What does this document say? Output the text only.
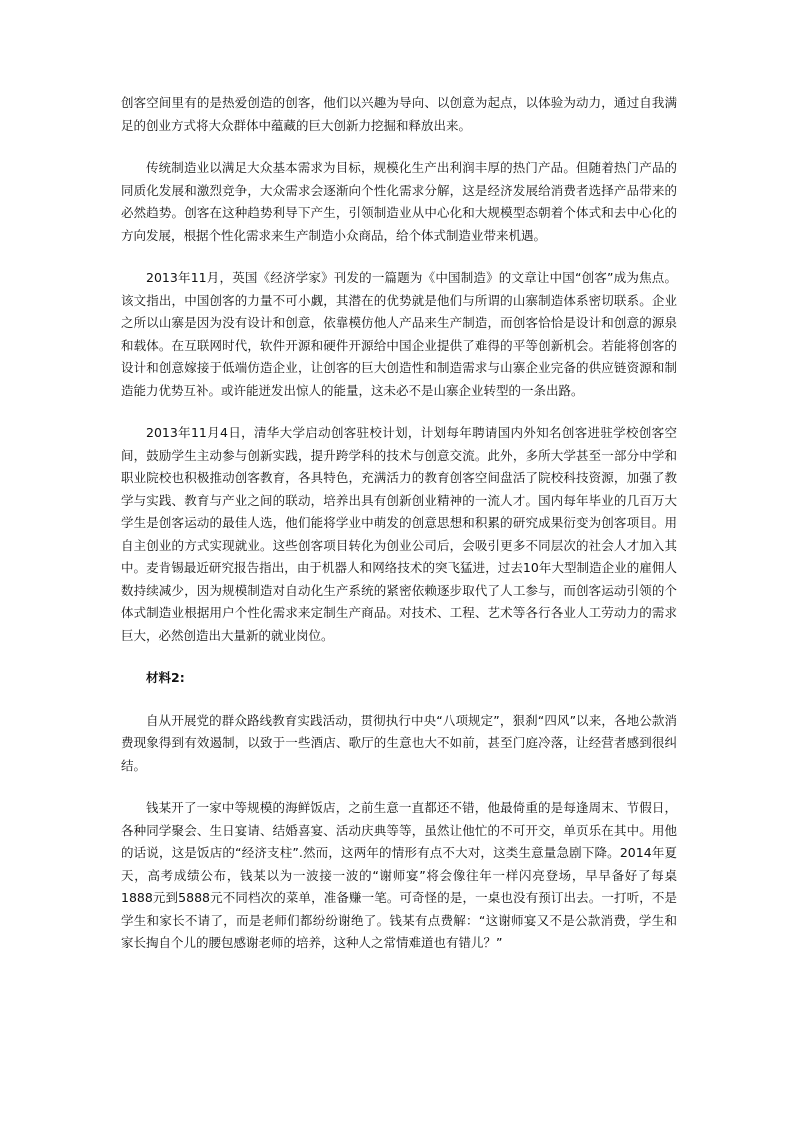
创客空间里有的是热爱创造的创客，他们以兴趣为导向、以创意为起点，以体验为动力，通过自我满足的创业方式将大众群体中蕴藏的巨大创新力挖掘和释放出来。

传统制造业以满足大众基本需求为目标，规模化生产出利润丰厚的热门产品。但随着热门产品的同质化发展和激烈竞争，大众需求会逐渐向个性化需求分解，这是经济发展给消费者选择产品带来的必然趋势。创客在这种趋势利导下产生，引领制造业从中心化和大规模型态朝着个体式和去中心化的方向发展，根据个性化需求来生产制造小众商品，给个体式制造业带来机遇。

2013年11月，英国《经济学家》刊发的一篇题为《中国制造》的文章让中国“创客”成为焦点。该文指出，中国创客的力量不可小觑，其潜在的优势就是他们与所谓的山寨制造体系密切联系。企业之所以山寨是因为没有设计和创意，依靠模仿他人产品来生产制造，而创客恰恰是设计和创意的源泉和载体。在互联网时代，软件开源和硬件开源给中国企业提供了难得的平等创新机会。若能将创客的设计和创意嫁接于低端仿造企业，让创客的巨大创造性和制造需求与山寨企业完备的供应链资源和制造能力优势互补。或许能迸发出惊人的能量，这未必不是山寨企业转型的一条出路。

2013年11月4日，清华大学启动创客驻校计划，计划每年聘请国内外知名创客进驻学校创客空间，鼓励学生主动参与创新实践，提升跨学科的技术与创意交流。此外，多所大学甚至一部分中学和职业院校也积极推动创客教育，各具特色，充满活力的教育创客空间盘活了院校科技资源，加强了教学与实践、教育与产业之间的联动，培养出具有创新创业精神的一流人才。国内每年毕业的几百万大学生是创客运动的最佳人选，他们能将学业中萌发的创意思想和积累的研究成果衍变为创客项目。用自主创业的方式实现就业。这些创客项目转化为创业公司后，会吸引更多不同层次的社会人才加入其中。麦肯锡最近研究报告指出，由于机器人和网络技术的突飞猛进，过去10年大型制造企业的雇佣人数持续减少，因为规模制造对自动化生产系统的紧密依赖逐步取代了人工参与，而创客运动引领的个体式制造业根据用户个性化需求来定制生产商品。对技术、工程、艺术等各行各业人工劳动力的需求巨大，必然创造出大量新的就业岗位。

材料2:

自从开展党的群众路线教育实践活动，贯彻执行中央“八项规定”，狠刹“四风”以来，各地公款消费现象得到有效遏制，以致于一些酒店、歌厅的生意也大不如前，甚至门庭冷落，让经营者感到很纠结。

钱某开了一家中等规模的海鲜饭店，之前生意一直都还不错，他最倚重的是每逢周末、节假日，各种同学聚会、生日宴请、结婚喜宴、活动庆典等等，虽然让他忙的不可开交，单页乐在其中。用他的话说，这是饭店的“经济支柱”.然而，这两年的情形有点不大对，这类生意量急剧下降。2014年夏天，高考成绩公布，钱某以为一波接一波的“谢师宴”将会像往年一样闪亮登场，早早备好了每桌1888元到5888元不同档次的菜单，准备赚一笔。可奇怪的是，一桌也没有预订出去。一打听，不是学生和家长不请了，而是老师们都纷纷谢绝了。钱某有点费解：“这谢师宴又不是公款消费，学生和家长掏自个儿的腰包感谢老师的培养，这种人之常情难道也有错儿？”
